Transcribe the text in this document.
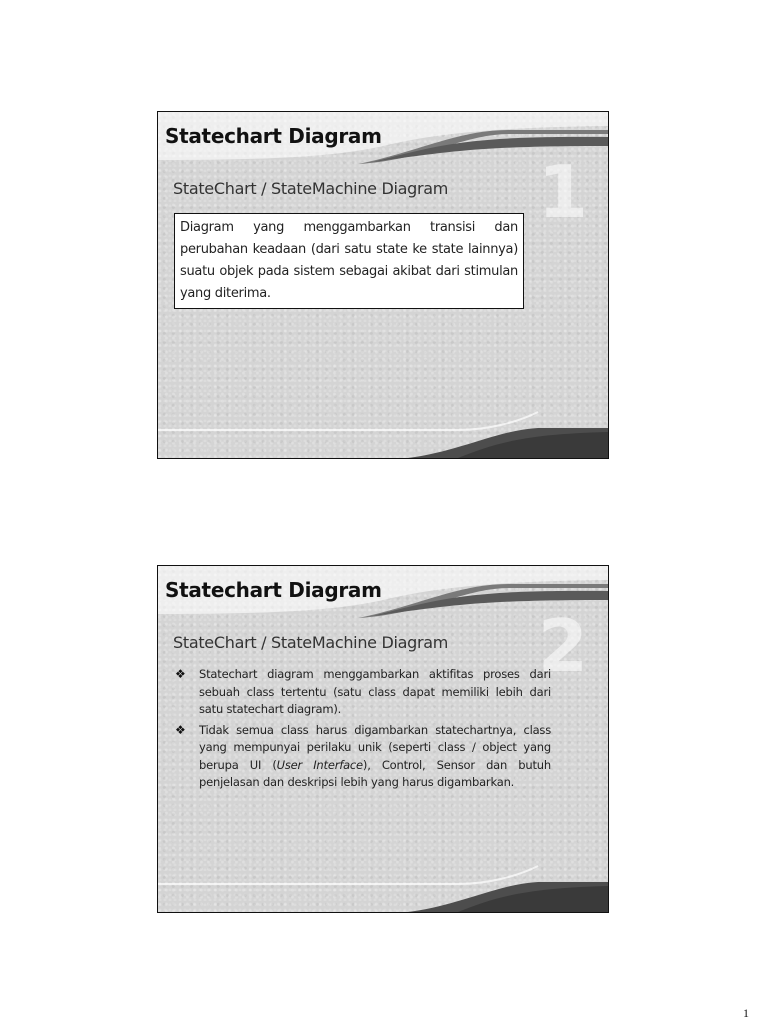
1
Statechart Diagram
StateChart / StateMachine Diagram
Diagram yang menggambarkan transisi dan perubahan keadaan (dari satu state ke state lainnya) suatu objek pada sistem sebagai akibat dari stimulan yang diterima.
2
Statechart Diagram
StateChart / StateMachine Diagram
❖ Statechart diagram menggambarkan aktifitas proses dari sebuah class tertentu (satu class dapat memiliki lebih dari satu statechart diagram).
❖ Tidak semua class harus digambarkan statechartnya, class yang mempunyai perilaku unik (seperti class / object yang berupa UI (User Interface), Control, Sensor dan butuh penjelasan dan deskripsi lebih yang harus digambarkan.
1
